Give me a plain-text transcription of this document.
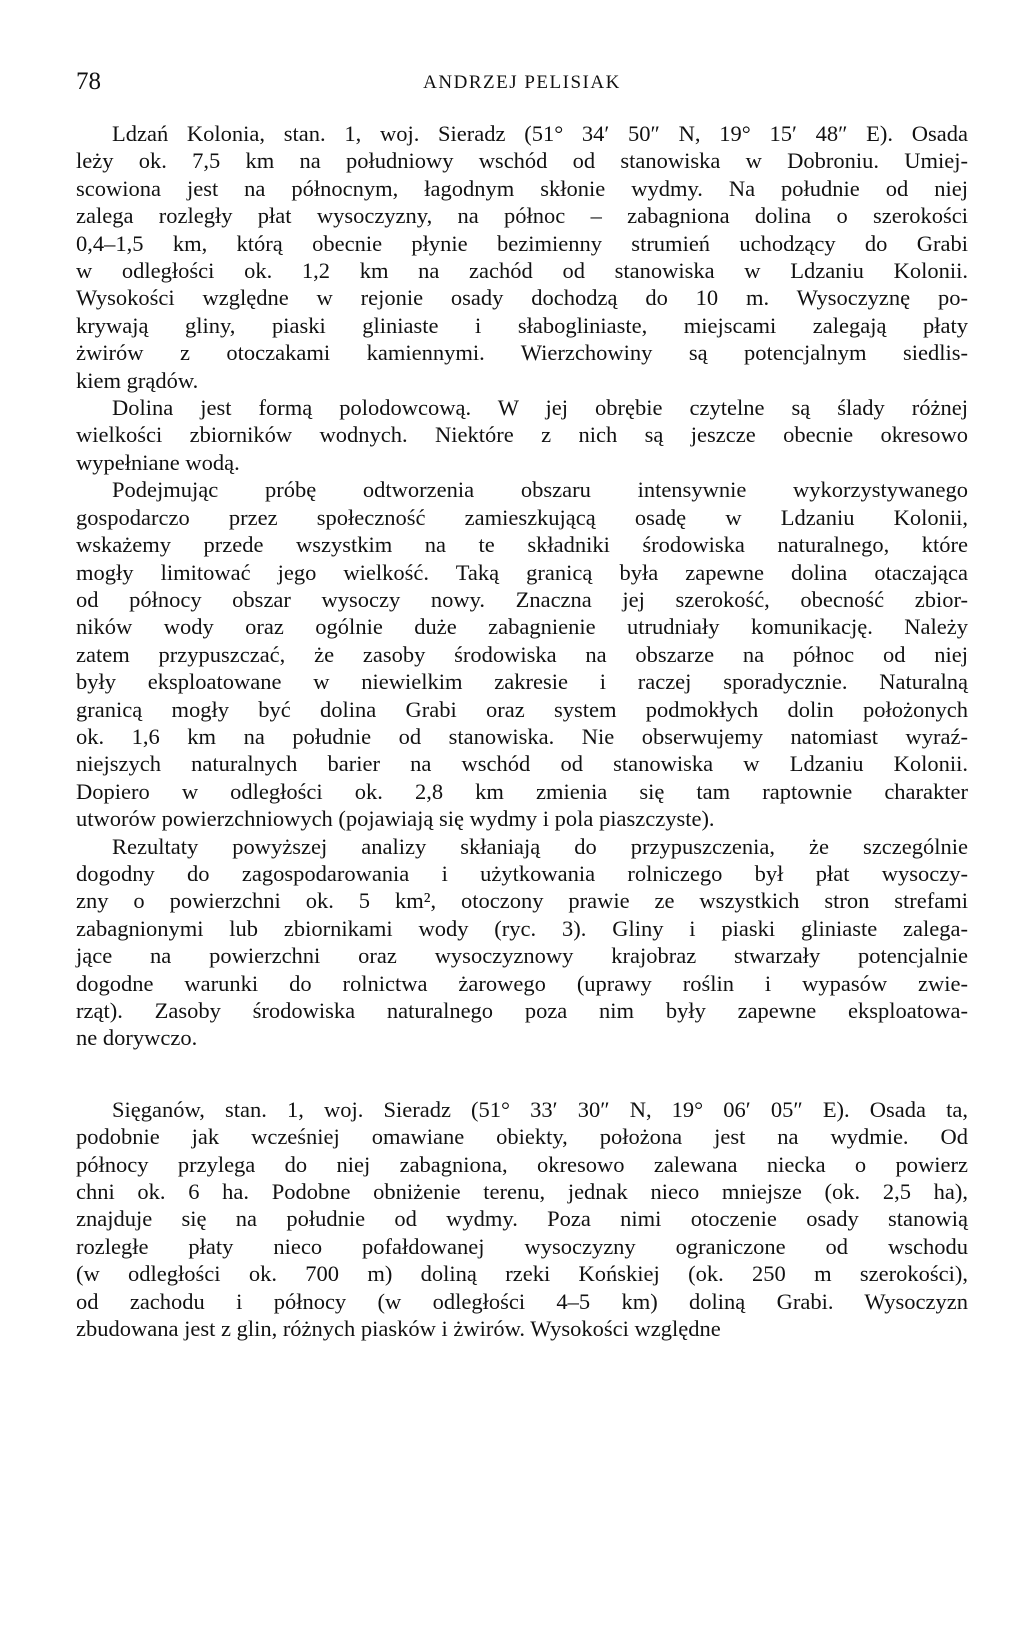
78	ANDRZEJ PELISIAK
Ldzań Kolonia, stan. 1, woj. Sieradz (51° 34′ 50″ N, 19° 15′ 48″ E). Osada
leży ok. 7,5 km na południowy wschód od stanowiska w Dobroniu. Umiej-
scowiona jest na północnym, łagodnym skłonie wydmy. Na południe od niej
zalega rozległy płat wysoczyzny, na północ – zabagniona dolina o szerokości
0,4–1,5 km, którą obecnie płynie bezimienny strumień uchodzący do Grabi
w odległości ok. 1,2 km na zachód od stanowiska w Ldzaniu Kolonii.
Wysokości względne w rejonie osady dochodzą do 10 m. Wysoczyznę po-
krywają gliny, piaski gliniaste i słabogliniaste, miejscami zalegają płaty
żwirów z otoczakami kamiennymi. Wierzchowiny są potencjalnym siedlis-
kiem grądów.
Dolina jest formą polodowcową. W jej obrębie czytelne są ślady różnej
wielkości zbiorników wodnych. Niektóre z nich są jeszcze obecnie okresowo
wypełniane wodą.
Podejmując próbę odtworzenia obszaru intensywnie wykorzystywanego
gospodarczo przez społeczność zamieszkującą osadę w Ldzaniu Kolonii,
wskażemy przede wszystkim na te składniki środowiska naturalnego, które
mogły limitować jego wielkość. Taką granicą była zapewne dolina otaczająca
od północy obszar wysoczy nowy. Znaczna jej szerokość, obecność zbior-
ników wody oraz ogólnie duże zabagnienie utrudniały komunikację. Należy
zatem przypuszczać, że zasoby środowiska na obszarze na północ od niej
były eksploatowane w niewielkim zakresie i raczej sporadycznie. Naturalną
granicą mogły być dolina Grabi oraz system podmokłych dolin położonych
ok. 1,6 km na południe od stanowiska. Nie obserwujemy natomiast wyraź-
niejszych naturalnych barier na wschód od stanowiska w Ldzaniu Kolonii.
Dopiero w odległości ok. 2,8 km zmienia się tam raptownie charakter
utworów powierzchniowych (pojawiają się wydmy i pola piaszczyste).
Rezultaty powyższej analizy skłaniają do przypuszczenia, że szczególnie
dogodny do zagospodarowania i użytkowania rolniczego był płat wysoczy-
zny o powierzchni ok. 5 km², otoczony prawie ze wszystkich stron strefami
zabagnionymi lub zbiornikami wody (ryc. 3). Gliny i piaski gliniaste zalega-
jące na powierzchni oraz wysoczyznowy krajobraz stwarzały potencjalnie
dogodne warunki do rolnictwa żarowego (uprawy roślin i wypasów zwie-
rząt). Zasoby środowiska naturalnego poza nim były zapewne eksploatowa-
ne dorywczo.
Sięganów, stan. 1, woj. Sieradz (51° 33′ 30″ N, 19° 06′ 05″ E). Osada ta,
podobnie jak wcześniej omawiane obiekty, położona jest na wydmie. Od
północy przylega do niej zabagniona, okresowo zalewana niecka o powierz
chni ok. 6 ha. Podobne obniżenie terenu, jednak nieco mniejsze (ok. 2,5 ha),
znajduje się na południe od wydmy. Poza nimi otoczenie osady stanowią
rozległe płaty nieco pofałdowanej wysoczyzny ograniczone od wschodu
(w odległości ok. 700 m) doliną rzeki Końskiej (ok. 250 m szerokości),
od zachodu i północy (w odległości 4–5 km) doliną Grabi. Wysoczyzn
zbudowana jest z glin, różnych piasków i żwirów. Wysokości względne
